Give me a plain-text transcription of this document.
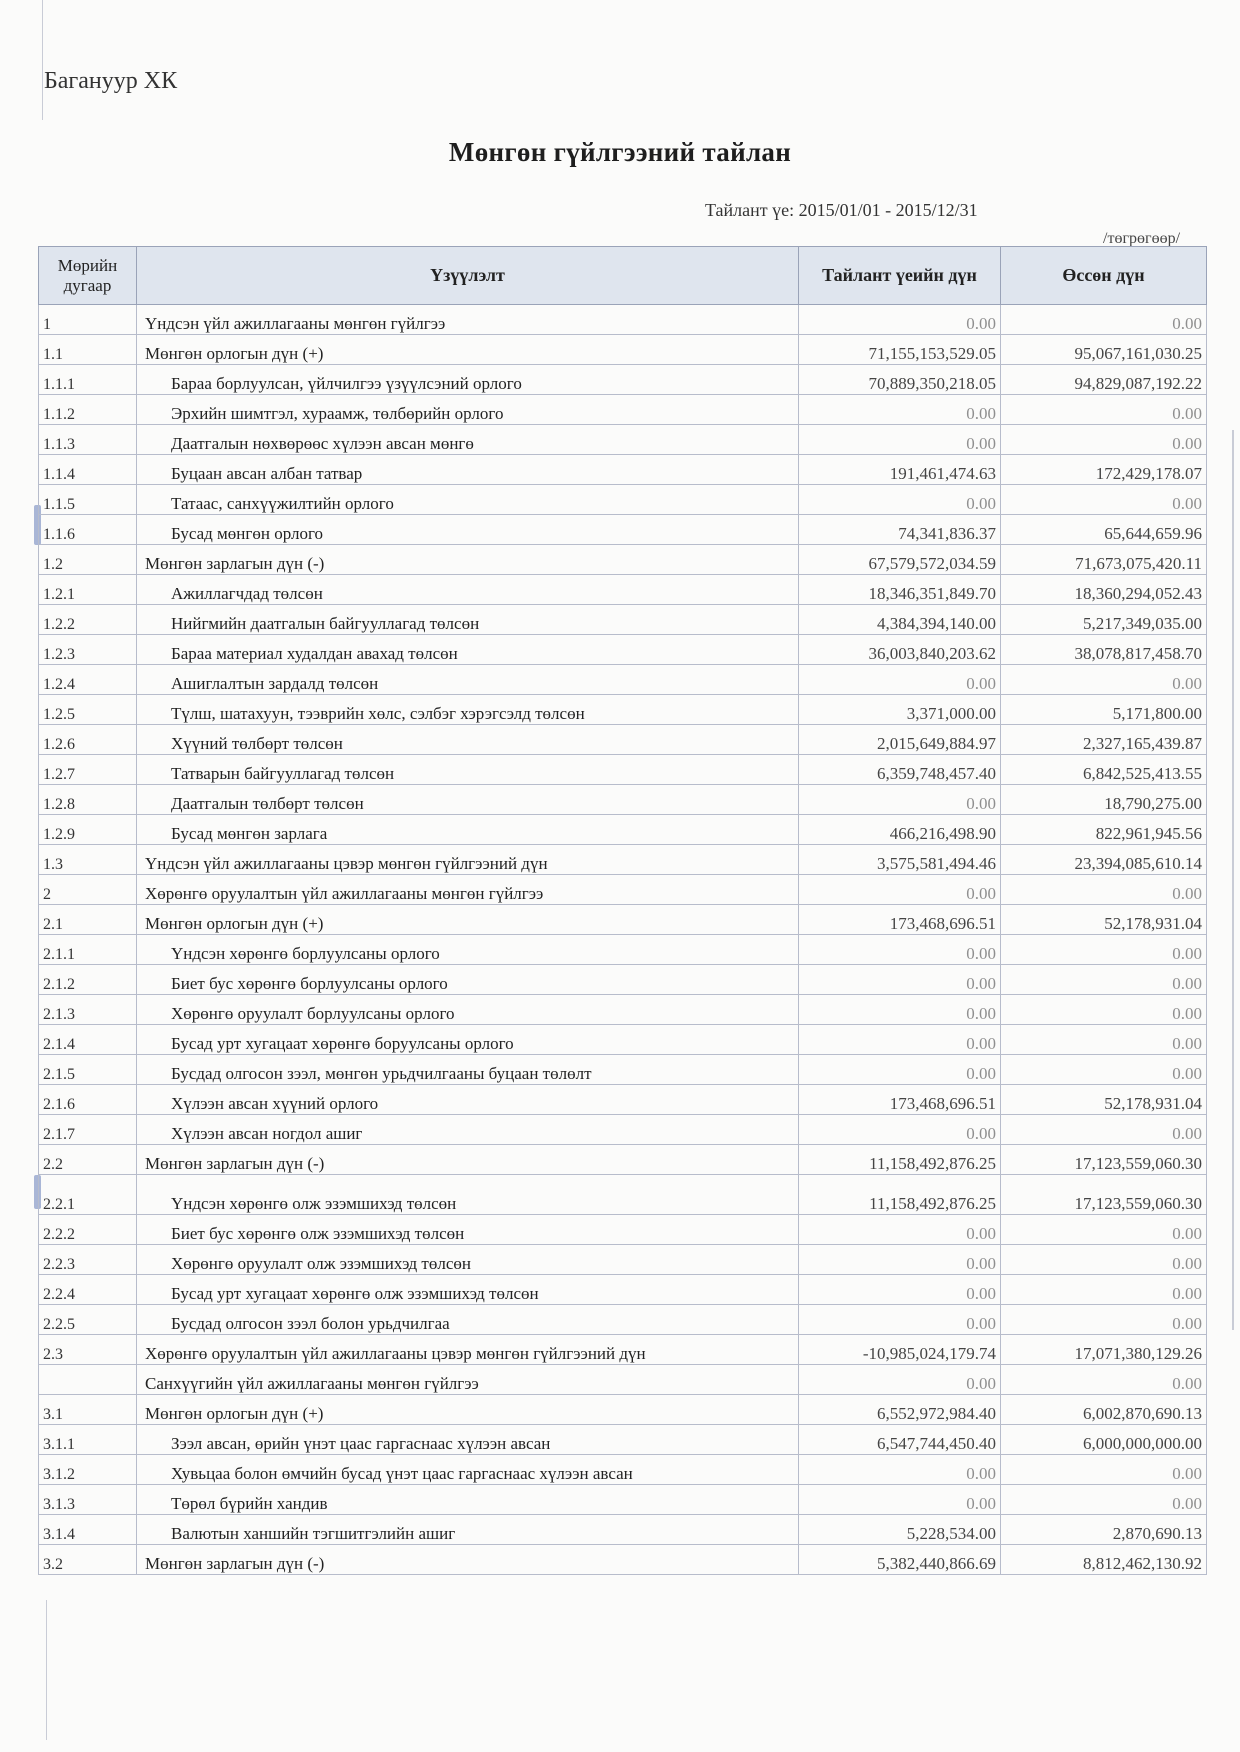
Багануур ХК
Мөнгөн гүйлгээний тайлан
Тайлант үе: 2015/01/01 - 2015/12/31
/төгрөгөөр/
Мөрийн дугаар	Үзүүлэлт	Тайлант үеийн дүн	Өссөн дүн
1	Үндсэн үйл ажиллагааны мөнгөн гүйлгээ	0.00	0.00
1.1	Мөнгөн орлогын дүн (+)	71,155,153,529.05	95,067,161,030.25
1.1.1	Бараа борлуулсан, үйлчилгээ үзүүлсэний орлого	70,889,350,218.05	94,829,087,192.22
1.1.2	Эрхийн шимтгэл, хураамж, төлбөрийн орлого	0.00	0.00
1.1.3	Даатгалын нөхвөрөөс хүлээн авсан мөнгө	0.00	0.00
1.1.4	Буцаан авсан албан татвар	191,461,474.63	172,429,178.07
1.1.5	Татаас, санхүүжилтийн орлого	0.00	0.00
1.1.6	Бусад мөнгөн орлого	74,341,836.37	65,644,659.96
1.2	Мөнгөн зарлагын дүн (-)	67,579,572,034.59	71,673,075,420.11
1.2.1	Ажиллагчдад төлсөн	18,346,351,849.70	18,360,294,052.43
1.2.2	Нийгмийн даатгалын байгууллагад төлсөн	4,384,394,140.00	5,217,349,035.00
1.2.3	Бараа материал худалдан авахад төлсөн	36,003,840,203.62	38,078,817,458.70
1.2.4	Ашиглалтын зардалд төлсөн	0.00	0.00
1.2.5	Түлш, шатахуун, тээврийн хөлс, сэлбэг хэрэгсэлд төлсөн	3,371,000.00	5,171,800.00
1.2.6	Хүүний төлбөрт төлсөн	2,015,649,884.97	2,327,165,439.87
1.2.7	Татварын байгууллагад төлсөн	6,359,748,457.40	6,842,525,413.55
1.2.8	Даатгалын төлбөрт төлсөн	0.00	18,790,275.00
1.2.9	Бусад мөнгөн зарлага	466,216,498.90	822,961,945.56
1.3	Үндсэн үйл ажиллагааны цэвэр мөнгөн гүйлгээний дүн	3,575,581,494.46	23,394,085,610.14
2	Хөрөнгө оруулалтын үйл ажиллагааны мөнгөн гүйлгээ	0.00	0.00
2.1	Мөнгөн орлогын дүн (+)	173,468,696.51	52,178,931.04
2.1.1	Үндсэн хөрөнгө борлуулсаны орлого	0.00	0.00
2.1.2	Биет бус хөрөнгө борлуулсаны орлого	0.00	0.00
2.1.3	Хөрөнгө оруулалт борлуулсаны орлого	0.00	0.00
2.1.4	Бусад урт хугацаат хөрөнгө боруулсаны орлого	0.00	0.00
2.1.5	Бусдад олгосон зээл, мөнгөн урьдчилгааны буцаан төлөлт	0.00	0.00
2.1.6	Хүлээн авсан хүүний орлого	173,468,696.51	52,178,931.04
2.1.7	Хүлээн авсан ногдол ашиг	0.00	0.00
2.2	Мөнгөн зарлагын дүн (-)	11,158,492,876.25	17,123,559,060.30
2.2.1	Үндсэн хөрөнгө олж эзэмшихэд төлсөн	11,158,492,876.25	17,123,559,060.30
2.2.2	Биет бус хөрөнгө олж эзэмшихэд төлсөн	0.00	0.00
2.2.3	Хөрөнгө оруулалт олж эзэмшихэд төлсөн	0.00	0.00
2.2.4	Бусад урт хугацаат хөрөнгө олж эзэмшихэд төлсөн	0.00	0.00
2.2.5	Бусдад олгосон зээл болон урьдчилгаа	0.00	0.00
2.3	Хөрөнгө оруулалтын үйл ажиллагааны цэвэр мөнгөн гүйлгээний дүн	-10,985,024,179.74	17,071,380,129.26
	Санхүүгийн үйл ажиллагааны мөнгөн гүйлгээ	0.00	0.00
3.1	Мөнгөн орлогын дүн (+)	6,552,972,984.40	6,002,870,690.13
3.1.1	Зээл авсан, өрийн үнэт цаас гаргаснаас хүлээн авсан	6,547,744,450.40	6,000,000,000.00
3.1.2	Хувьцаа болон өмчийн бусад үнэт цаас гаргаснаас хүлээн авсан	0.00	0.00
3.1.3	Төрөл бүрийн хандив	0.00	0.00
3.1.4	Валютын ханшийн тэгшитгэлийн ашиг	5,228,534.00	2,870,690.13
3.2	Мөнгөн зарлагын дүн (-)	5,382,440,866.69	8,812,462,130.92
